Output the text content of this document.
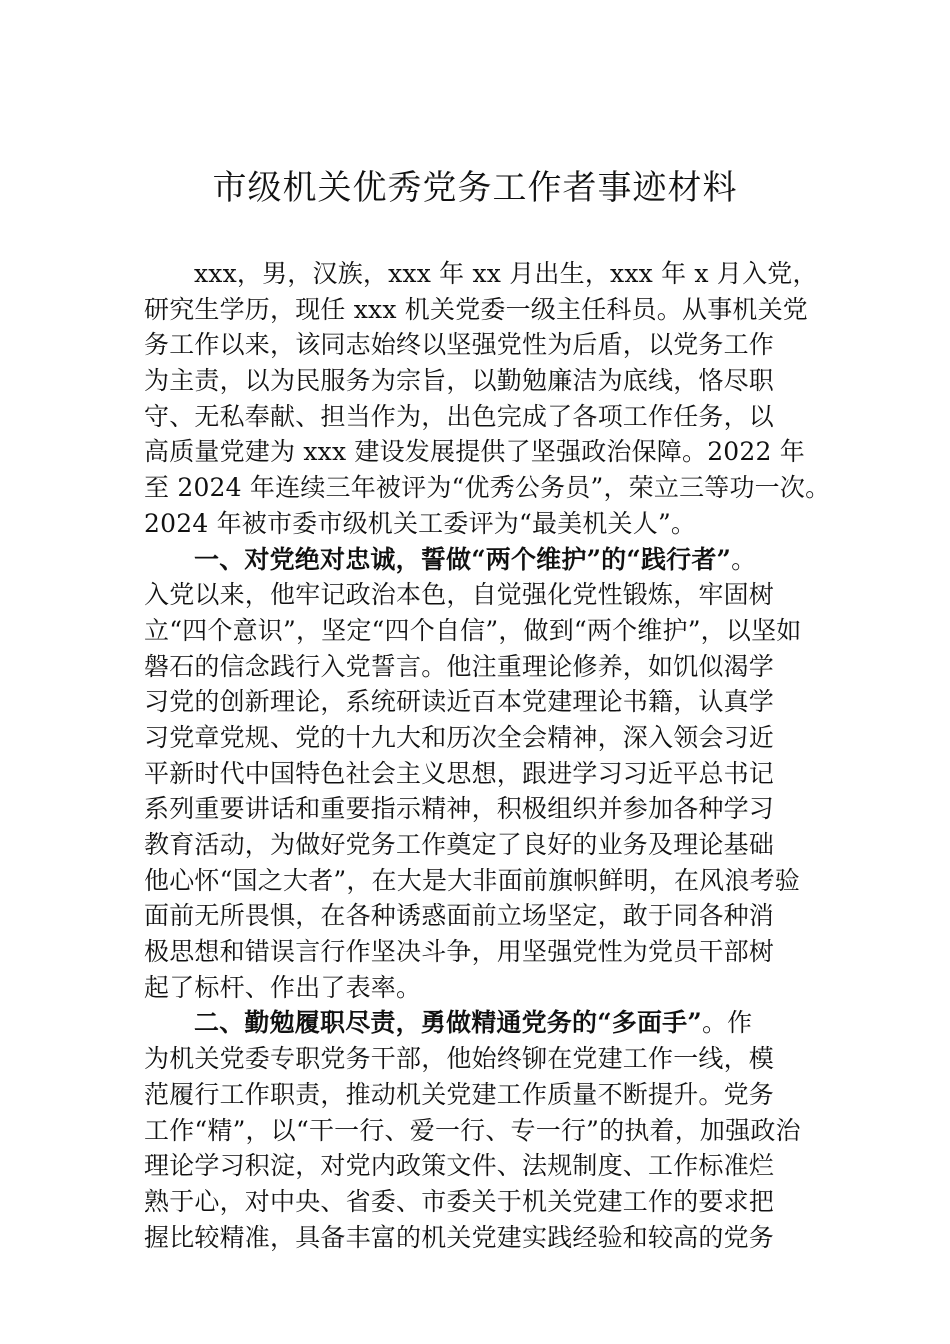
市级机关优秀党务工作者事迹材料
xxx，男，汉族，xxx 年 xx 月出生，xxx 年 x 月入党，
研究生学历，现任 xxx 机关党委一级主任科员。从事机关党
务工作以来，该同志始终以坚强党性为后盾，以党务工作
为主责，以为民服务为宗旨，以勤勉廉洁为底线，恪尽职
守、无私奉献、担当作为，出色完成了各项工作任务，以
高质量党建为 xxx 建设发展提供了坚强政治保障。2022 年
至 2024 年连续三年被评为“优秀公务员”，荣立三等功一次。
2024 年被市委市级机关工委评为“最美机关人”。
一、对党绝对忠诚，誓做“两个维护”的“践行者”。
入党以来，他牢记政治本色，自觉强化党性锻炼，牢固树
立“四个意识”，坚定“四个自信”，做到“两个维护”，以坚如
磐石的信念践行入党誓言。他注重理论修养，如饥似渴学
习党的创新理论，系统研读近百本党建理论书籍，认真学
习党章党规、党的十九大和历次全会精神，深入领会习近
平新时代中国特色社会主义思想，跟进学习习近平总书记
系列重要讲话和重要指示精神，积极组织并参加各种学习
教育活动，为做好党务工作奠定了良好的业务及理论基础
他心怀“国之大者”，在大是大非面前旗帜鲜明，在风浪考验
面前无所畏惧，在各种诱惑面前立场坚定，敢于同各种消
极思想和错误言行作坚决斗争，用坚强党性为党员干部树
起了标杆、作出了表率。
二、勤勉履职尽责，勇做精通党务的“多面手”。作
为机关党委专职党务干部，他始终铆在党建工作一线，模
范履行工作职责，推动机关党建工作质量不断提升。党务
工作“精”，以“干一行、爱一行、专一行”的执着，加强政治
理论学习积淀，对党内政策文件、法规制度、工作标准烂
熟于心，对中央、省委、市委关于机关党建工作的要求把
握比较精准，具备丰富的机关党建实践经验和较高的党务
